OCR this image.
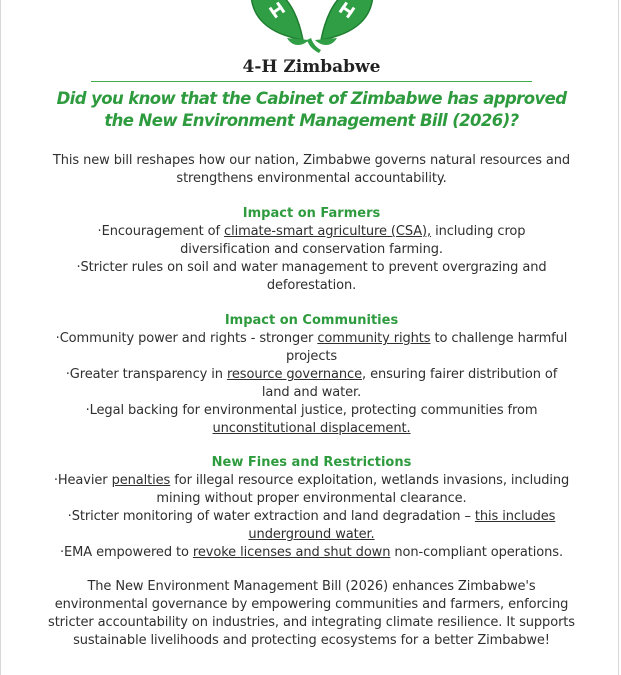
4-H Zimbabwe
Did you know that the Cabinet of Zimbabwe has approved
the New Environment Management Bill (2026)?
This new bill reshapes how our nation, Zimbabwe governs natural resources and
strengthens environmental accountability.
Impact on Farmers
·Encouragement of climate-smart agriculture (CSA), including crop
diversification and conservation farming.
·Stricter rules on soil and water management to prevent overgrazing and
deforestation.
Impact on Communities
·Community power and rights - stronger community rights to challenge harmful
projects
·Greater transparency in resource governance, ensuring fairer distribution of
land and water.
·Legal backing for environmental justice, protecting communities from
unconstitutional displacement.
New Fines and Restrictions
·Heavier penalties for illegal resource exploitation, wetlands invasions, including
mining without proper environmental clearance.
·Stricter monitoring of water extraction and land degradation – this includes
underground water.
·EMA empowered to revoke licenses and shut down non-compliant operations.
The New Environment Management Bill (2026) enhances Zimbabwe's
environmental governance by empowering communities and farmers, enforcing
stricter accountability on industries, and integrating climate resilience. It supports
sustainable livelihoods and protecting ecosystems for a better Zimbabwe!
